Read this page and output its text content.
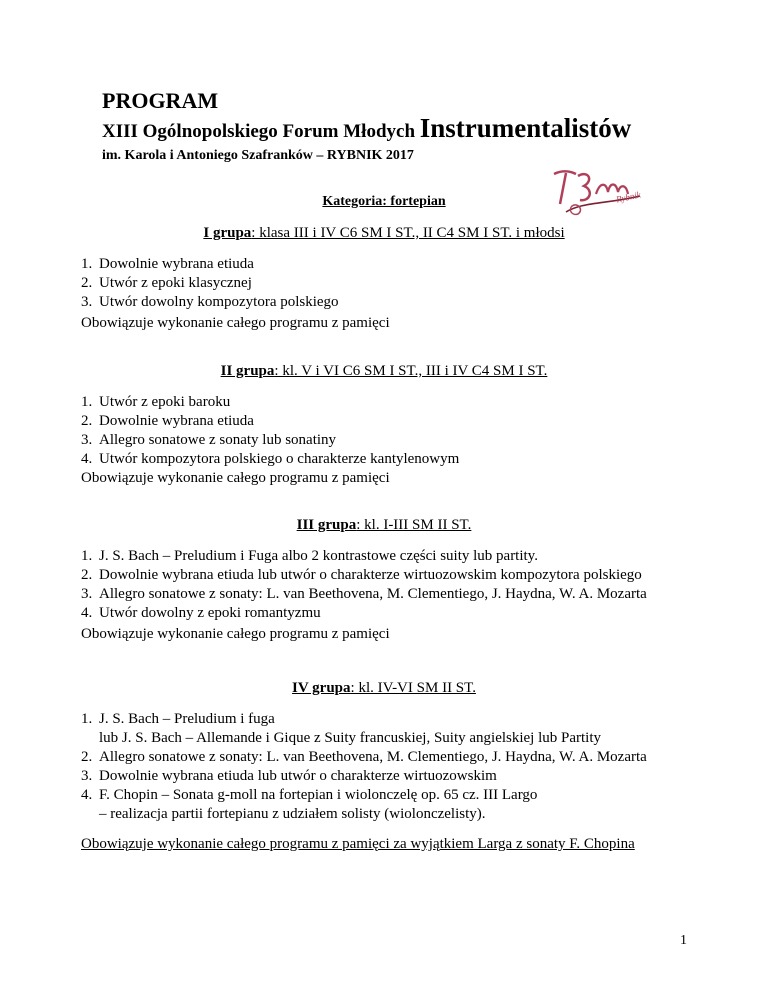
PROGRAM
XIII Ogólnopolskiego Forum Młodych Instrumentalistów
im. Karola i Antoniego Szafranków – RYBNIK 2017
Rybnik
Kategoria: fortepian
I grupa: klasa III i IV C6 SM I ST., II C4 SM I ST. i młodsi
1. Dowolnie wybrana etiuda
2. Utwór z epoki klasycznej
3. Utwór dowolny kompozytora polskiego
Obowiązuje wykonanie całego programu z pamięci
II grupa: kl. V i VI C6 SM I ST., III i IV C4 SM I ST.
1. Utwór z epoki baroku
2. Dowolnie wybrana etiuda
3. Allegro sonatowe z sonaty lub sonatiny
4. Utwór kompozytora polskiego o charakterze kantylenowym
Obowiązuje wykonanie całego programu z pamięci
III grupa: kl. I-III SM II ST.
1. J. S. Bach – Preludium i Fuga albo 2 kontrastowe części suity lub partity.
2. Dowolnie wybrana etiuda lub utwór o charakterze wirtuozowskim kompozytora polskiego
3. Allegro sonatowe z sonaty: L. van Beethovena, M. Clementiego, J. Haydna, W. A. Mozarta
4. Utwór dowolny z epoki romantyzmu
Obowiązuje wykonanie całego programu z pamięci
IV grupa: kl. IV-VI SM II ST.
1. J. S. Bach – Preludium i fuga
lub J. S. Bach – Allemande i Gique z Suity francuskiej, Suity angielskiej lub Partity
2. Allegro sonatowe z sonaty: L. van Beethovena, M. Clementiego, J. Haydna, W. A. Mozarta
3. Dowolnie wybrana etiuda lub utwór o charakterze wirtuozowskim
4. F. Chopin – Sonata g-moll na fortepian i wiolonczelę op. 65 cz. III Largo
– realizacja partii fortepianu z udziałem solisty (wiolonczelisty).
Obowiązuje wykonanie całego programu z pamięci za wyjątkiem Larga z sonaty F. Chopina
1
